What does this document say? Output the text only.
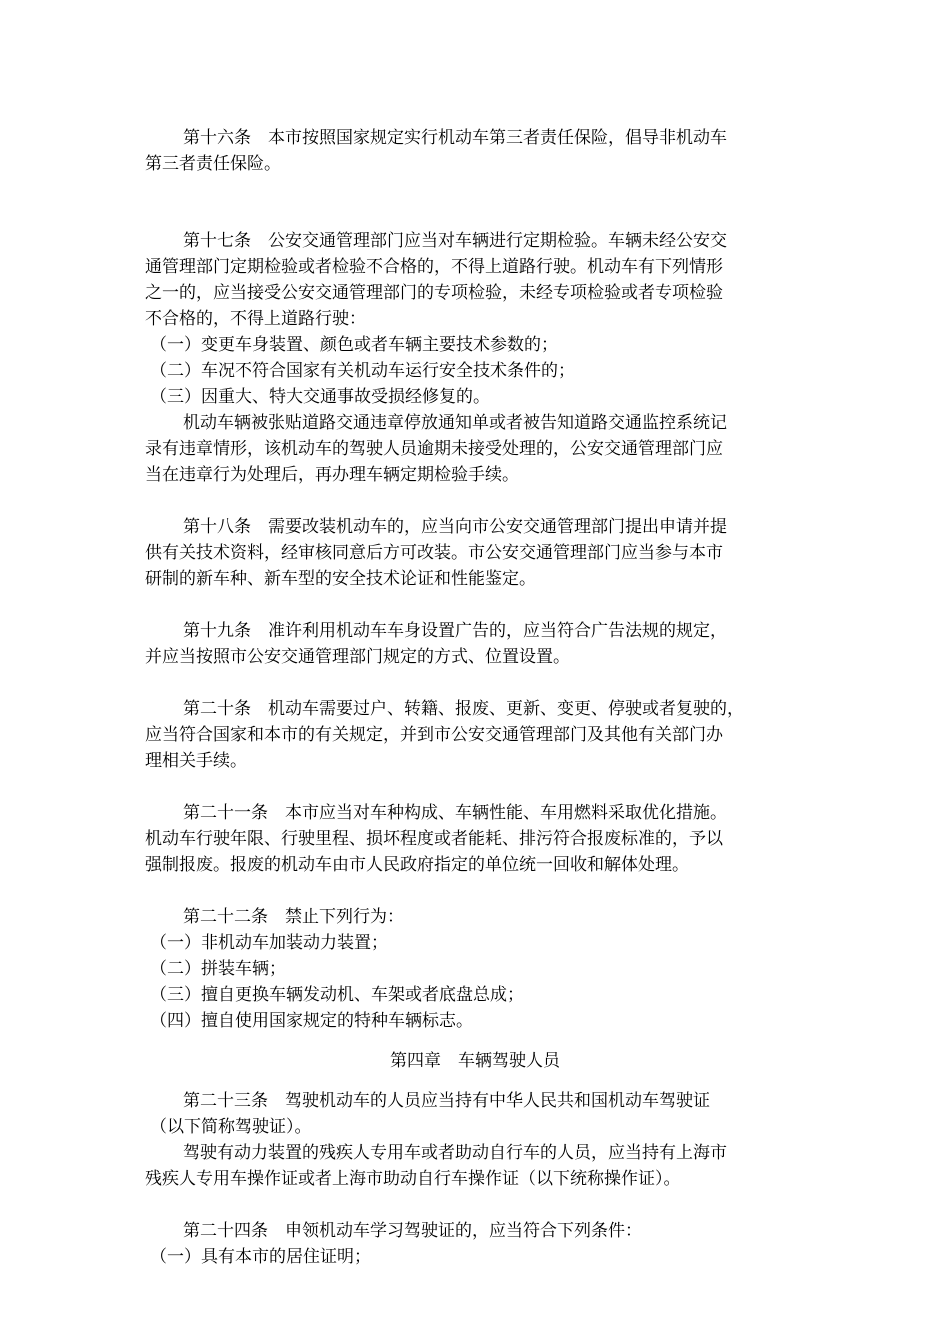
第十六条　本市按照国家规定实行机动车第三者责任保险，倡导非机动车
第三者责任保险。
第十七条　公安交通管理部门应当对车辆进行定期检验。车辆未经公安交
通管理部门定期检验或者检验不合格的，不得上道路行驶。机动车有下列情形
之一的，应当接受公安交通管理部门的专项检验，未经专项检验或者专项检验
不合格的，不得上道路行驶：
（一）变更车身装置、颜色或者车辆主要技术参数的；
（二）车况不符合国家有关机动车运行安全技术条件的；
（三）因重大、特大交通事故受损经修复的。
机动车辆被张贴道路交通违章停放通知单或者被告知道路交通监控系统记
录有违章情形，该机动车的驾驶人员逾期未接受处理的，公安交通管理部门应
当在违章行为处理后，再办理车辆定期检验手续。
第十八条　需要改装机动车的，应当向市公安交通管理部门提出申请并提
供有关技术资料，经审核同意后方可改装。市公安交通管理部门应当参与本市
研制的新车种、新车型的安全技术论证和性能鉴定。
第十九条　准许利用机动车车身设置广告的，应当符合广告法规的规定，
并应当按照市公安交通管理部门规定的方式、位置设置。
第二十条　机动车需要过户、转籍、报废、更新、变更、停驶或者复驶的，
应当符合国家和本市的有关规定，并到市公安交通管理部门及其他有关部门办
理相关手续。
第二十一条　本市应当对车种构成、车辆性能、车用燃料采取优化措施。
机动车行驶年限、行驶里程、损坏程度或者能耗、排污符合报废标准的，予以
强制报废。报废的机动车由市人民政府指定的单位统一回收和解体处理。
第二十二条　禁止下列行为：
（一）非机动车加装动力装置；
（二）拼装车辆；
（三）擅自更换车辆发动机、车架或者底盘总成；
（四）擅自使用国家规定的特种车辆标志。
第四章　车辆驾驶人员
第二十三条　驾驶机动车的人员应当持有中华人民共和国机动车驾驶证
（以下简称驾驶证）。
驾驶有动力装置的残疾人专用车或者助动自行车的人员，应当持有上海市
残疾人专用车操作证或者上海市助动自行车操作证（以下统称操作证）。
第二十四条　申领机动车学习驾驶证的，应当符合下列条件：
（一）具有本市的居住证明；
